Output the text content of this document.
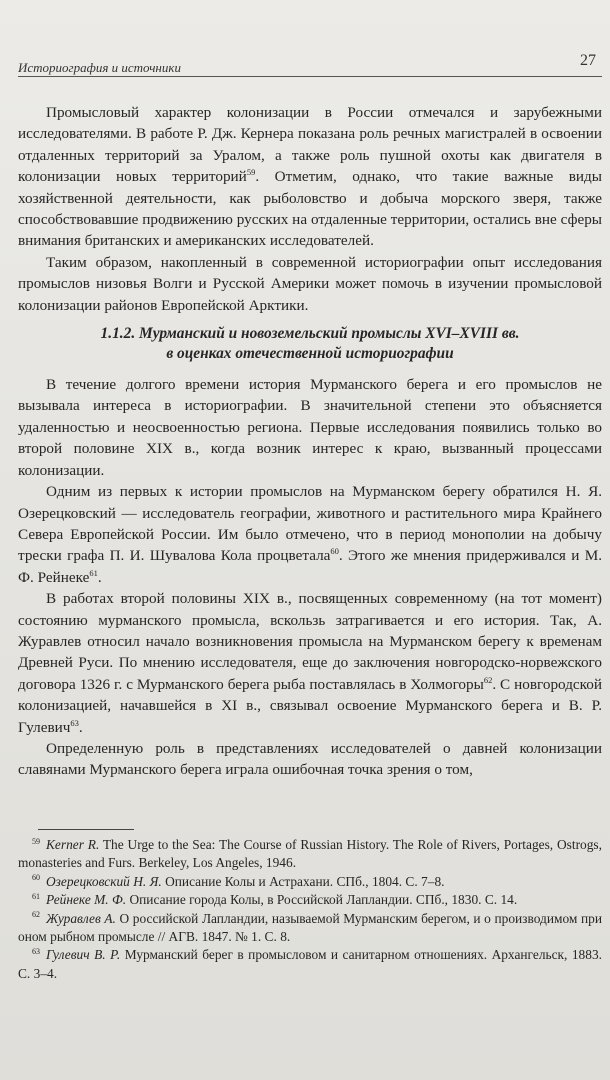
Историография и источники	27

Промысловый характер колонизации в России отмечался и зарубежными исследователями. В работе Р. Дж. Кернера показана роль речных магистралей в освоении отдаленных территорий за Уралом, а также роль пушной охоты как двигателя в колонизации новых территорий$^{59}$. Отметим, однако, что такие важные виды хозяйственной деятельности, как рыболовство и добыча морского зверя, также способствовавшие продвижению русских на отдаленные территории, остались вне сферы внимания британских и американских исследователей.

Таким образом, накопленный в современной историографии опыт исследования промыслов низовья Волги и Русской Америки может помочь в изучении промысловой колонизации районов Европейской Арктики.

1.1.2. Мурманский и новоземельский промыслы XVI–XVIII вв.
в оценках отечественной историографии

В течение долгого времени история Мурманского берега и его промыслов не вызывала интереса в историографии. В значительной степени это объясняется удаленностью и неосвоенностью региона. Первые исследования появились только во второй половине XIX в., когда возник интерес к краю, вызванный процессами колонизации.

Одним из первых к истории промыслов на Мурманском берегу обратился Н. Я. Озерецковский — исследователь географии, животного и растительного мира Крайнего Севера Европейской России. Им было отмечено, что в период монополии на добычу трески графа П. И. Шувалова Кола процветала$^{60}$. Этого же мнения придерживался и М. Ф. Рейнеке$^{61}$.

В работах второй половины XIX в., посвященных современному (на тот момент) состоянию мурманского промысла, вскользь затрагивается и его история. Так, А. Журавлев относил начало возникновения промысла на Мурманском берегу к временам Древней Руси. По мнению исследователя, еще до заключения новгородско-норвежского договора 1326 г. с Мурманского берега рыба поставлялась в Холмогоры$^{62}$. С новгородской колонизацией, начавшейся в XI в., связывал освоение Мурманского берега и В. Р. Гулевич$^{63}$.

Определенную роль в представлениях исследователей о давней колонизации славянами Мурманского берега играла ошибочная точка зрения о том,

$^{59}$ Kerner R. The Urge to the Sea: The Course of Russian History. The Role of Rivers, Portages, Ostrogs, monasteries and Furs. Berkeley, Los Angeles, 1946.

$^{60}$ Озерецковский Н. Я. Описание Колы и Астрахани. СПб., 1804. С. 7–8.

$^{61}$ Рейнеке М. Ф. Описание города Колы, в Российской Лапландии. СПб., 1830. С. 14.

$^{62}$ Журавлев А. О российской Лапландии, называемой Мурманским берегом, и о производимом при оном рыбном промысле // АГВ. 1847. № 1. С. 8.

$^{63}$ Гулевич В. Р. Мурманский берег в промысловом и санитарном отношениях. Архангельск, 1883. С. 3–4.
